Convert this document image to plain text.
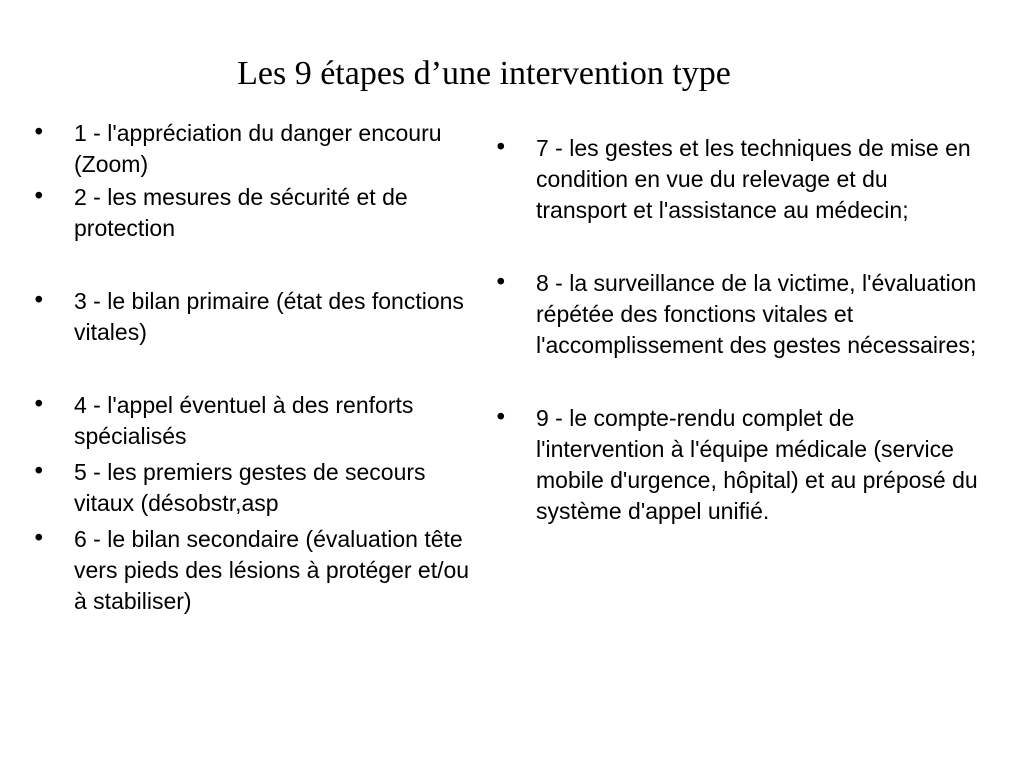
Les 9 étapes d’une intervention type
•	1 - l'appréciation du danger encouru (Zoom)
•	2 - les mesures de sécurité et de protection
•	3 - le bilan primaire (état des fonctions vitales)
•	4 - l'appel éventuel à des renforts spécialisés
•	5 - les premiers gestes de secours vitaux (désobstr,asp
•	6 - le bilan secondaire (évaluation tête vers pieds des lésions à protéger et/ou à stabiliser)
•	7 - les gestes et les techniques de mise en condition en vue du relevage et du transport et l'assistance au médecin;
•	8 - la surveillance de la victime, l'évaluation répétée des fonctions vitales et l'accomplissement des gestes nécessaires;
•	9 - le compte-rendu complet de l'intervention à l'équipe médicale (service mobile d'urgence, hôpital) et au préposé du système d'appel unifié.
